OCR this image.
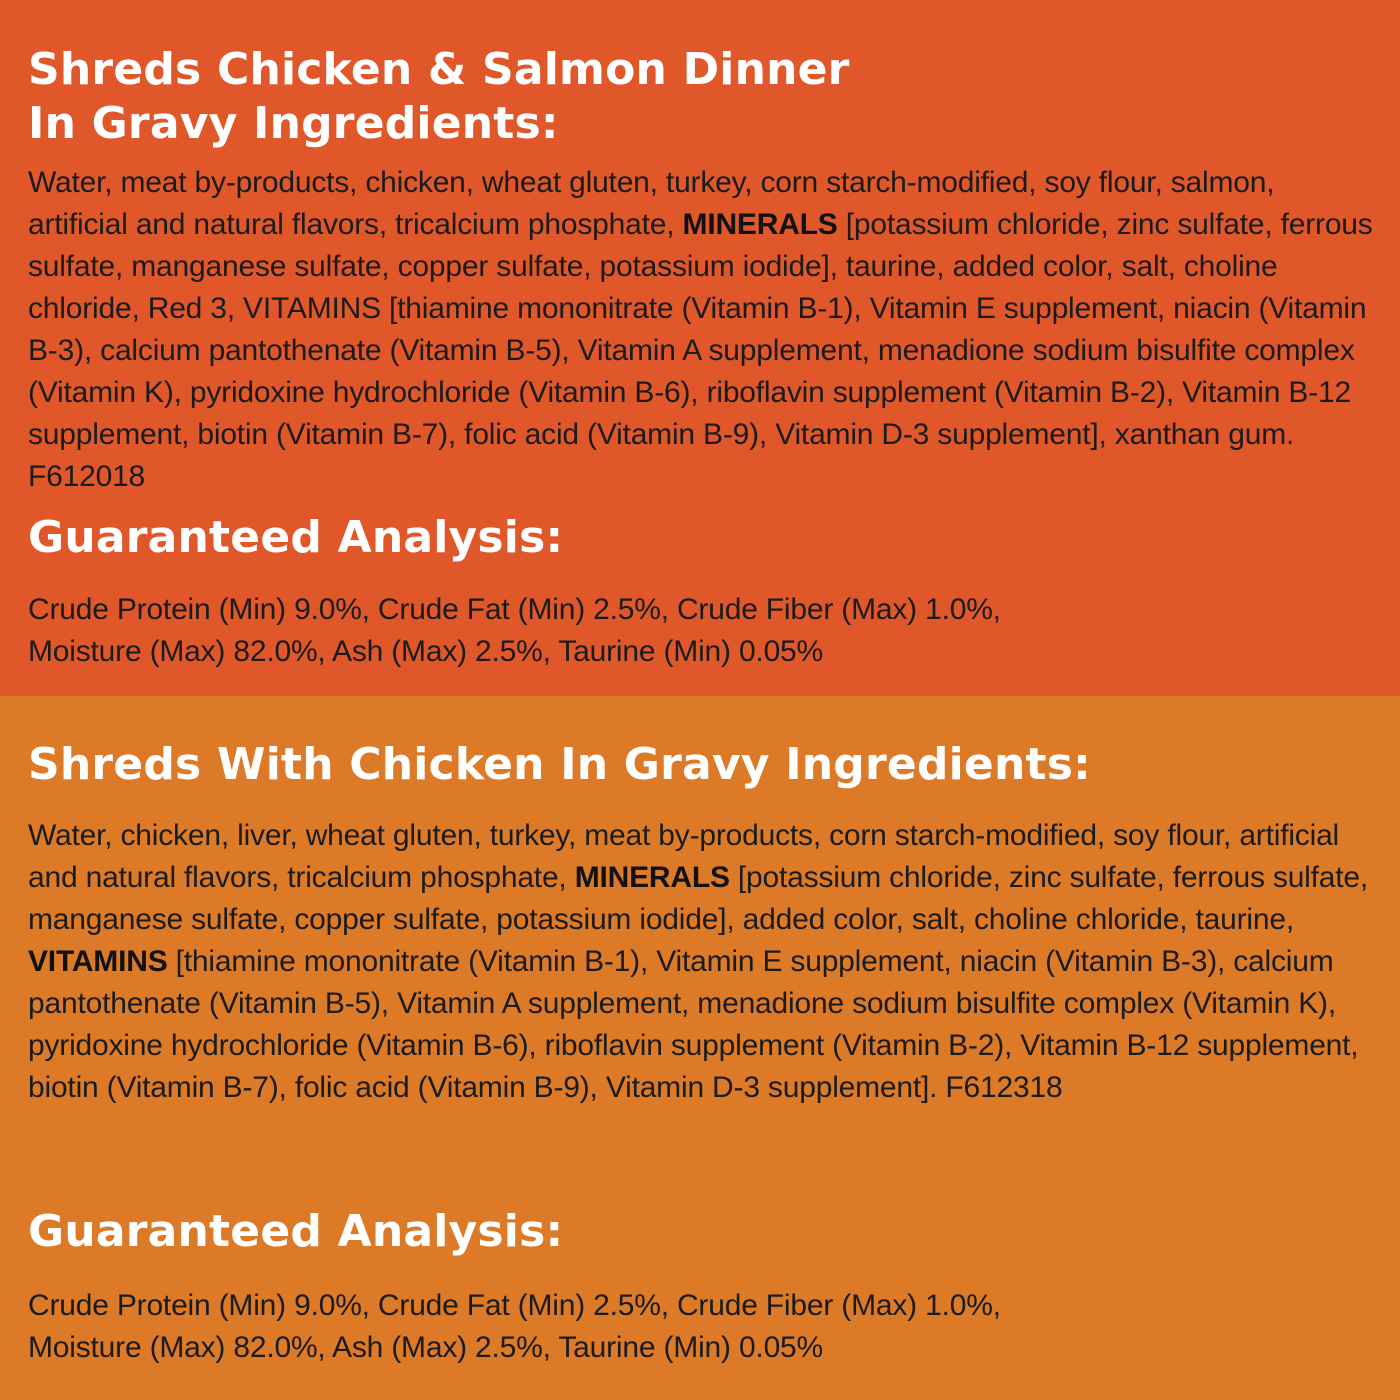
Shreds Chicken & Salmon Dinner
In Gravy Ingredients:

Water, meat by-products, chicken, wheat gluten, turkey, corn starch-modified, soy flour, salmon, artificial and natural flavors, tricalcium phosphate, MINERALS [potassium chloride, zinc sulfate, ferrous sulfate, manganese sulfate, copper sulfate, potassium iodide], taurine, added color, salt, choline chloride, Red 3, VITAMINS [thiamine mononitrate (Vitamin B-1), Vitamin E supplement, niacin (Vitamin B-3), calcium pantothenate (Vitamin B-5), Vitamin A supplement, menadione sodium bisulfite complex (Vitamin K), pyridoxine hydrochloride (Vitamin B-6), riboflavin supplement (Vitamin B-2), Vitamin B-12 supplement, biotin (Vitamin B-7), folic acid (Vitamin B-9), Vitamin D-3 supplement], xanthan gum. F612018

Guaranteed Analysis:

Crude Protein (Min) 9.0%, Crude Fat (Min) 2.5%, Crude Fiber (Max) 1.0%,
Moisture (Max) 82.0%, Ash (Max) 2.5%, Taurine (Min) 0.05%

Shreds With Chicken In Gravy Ingredients:

Water, chicken, liver, wheat gluten, turkey, meat by-products, corn starch-modified, soy flour, artificial and natural flavors, tricalcium phosphate, MINERALS [potassium chloride, zinc sulfate, ferrous sulfate, manganese sulfate, copper sulfate, potassium iodide], added color, salt, choline chloride, taurine, VITAMINS [thiamine mononitrate (Vitamin B-1), Vitamin E supplement, niacin (Vitamin B-3), calcium pantothenate (Vitamin B-5), Vitamin A supplement, menadione sodium bisulfite complex (Vitamin K), pyridoxine hydrochloride (Vitamin B-6), riboflavin supplement (Vitamin B-2), Vitamin B-12 supplement, biotin (Vitamin B-7), folic acid (Vitamin B-9), Vitamin D-3 supplement]. F612318

Guaranteed Analysis:

Crude Protein (Min) 9.0%, Crude Fat (Min) 2.5%, Crude Fiber (Max) 1.0%,
Moisture (Max) 82.0%, Ash (Max) 2.5%, Taurine (Min) 0.05%
